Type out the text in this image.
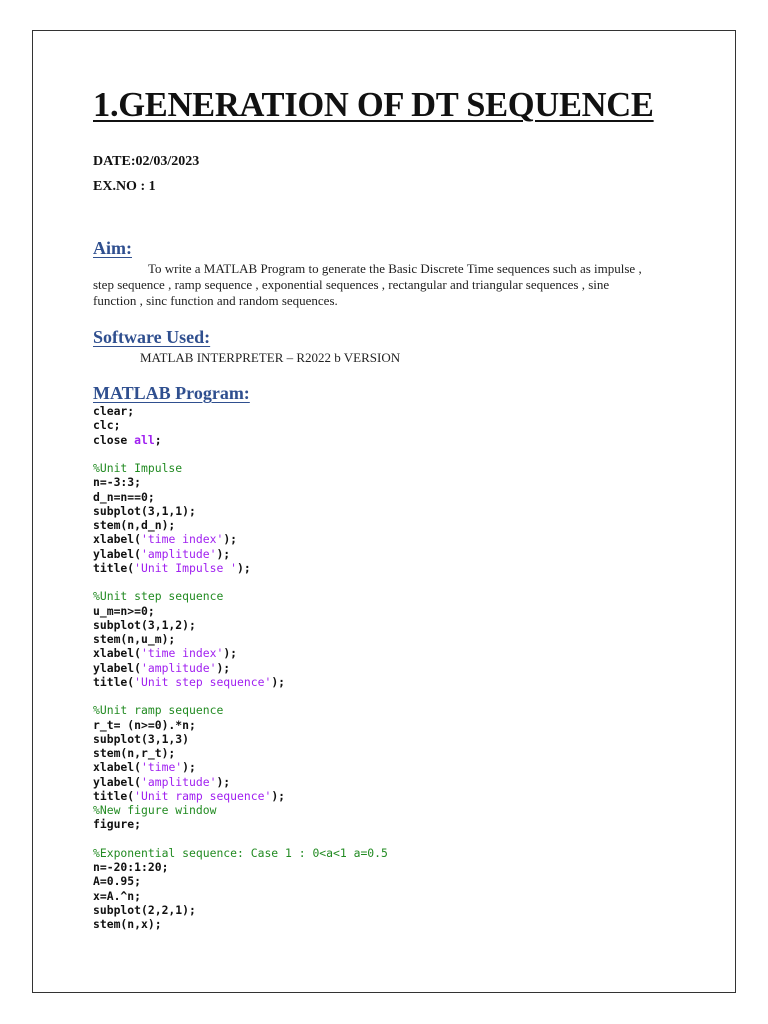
1.GENERATION OF DT SEQUENCE
DATE:02/03/2023
EX.NO : 1
Aim:
To write a MATLAB Program to generate the Basic Discrete Time sequences such as impulse , step sequence , ramp sequence , exponential sequences , rectangular and triangular sequences , sine function , sinc function and random sequences.
Software Used:
MATLAB INTERPRETER – R2022 b VERSION
MATLAB Program:
clear;
clc;
close all;
%Unit Impulse
n=-3:3;
d_n=n==0;
subplot(3,1,1);
stem(n,d_n);
xlabel('time index');
ylabel('amplitude');
title('Unit Impulse ');
%Unit step sequence
u_m=n>=0;
subplot(3,1,2);
stem(n,u_m);
xlabel('time index');
ylabel('amplitude');
title('Unit step sequence');
%Unit ramp sequence
r_t= (n>=0).*n;
subplot(3,1,3)
stem(n,r_t);
xlabel('time');
ylabel('amplitude');
title('Unit ramp sequence');
%New figure window
figure;
%Exponential sequence: Case 1 : 0<a<1 a=0.5
n=-20:1:20;
A=0.95;
x=A.^n;
subplot(2,2,1);
stem(n,x);
